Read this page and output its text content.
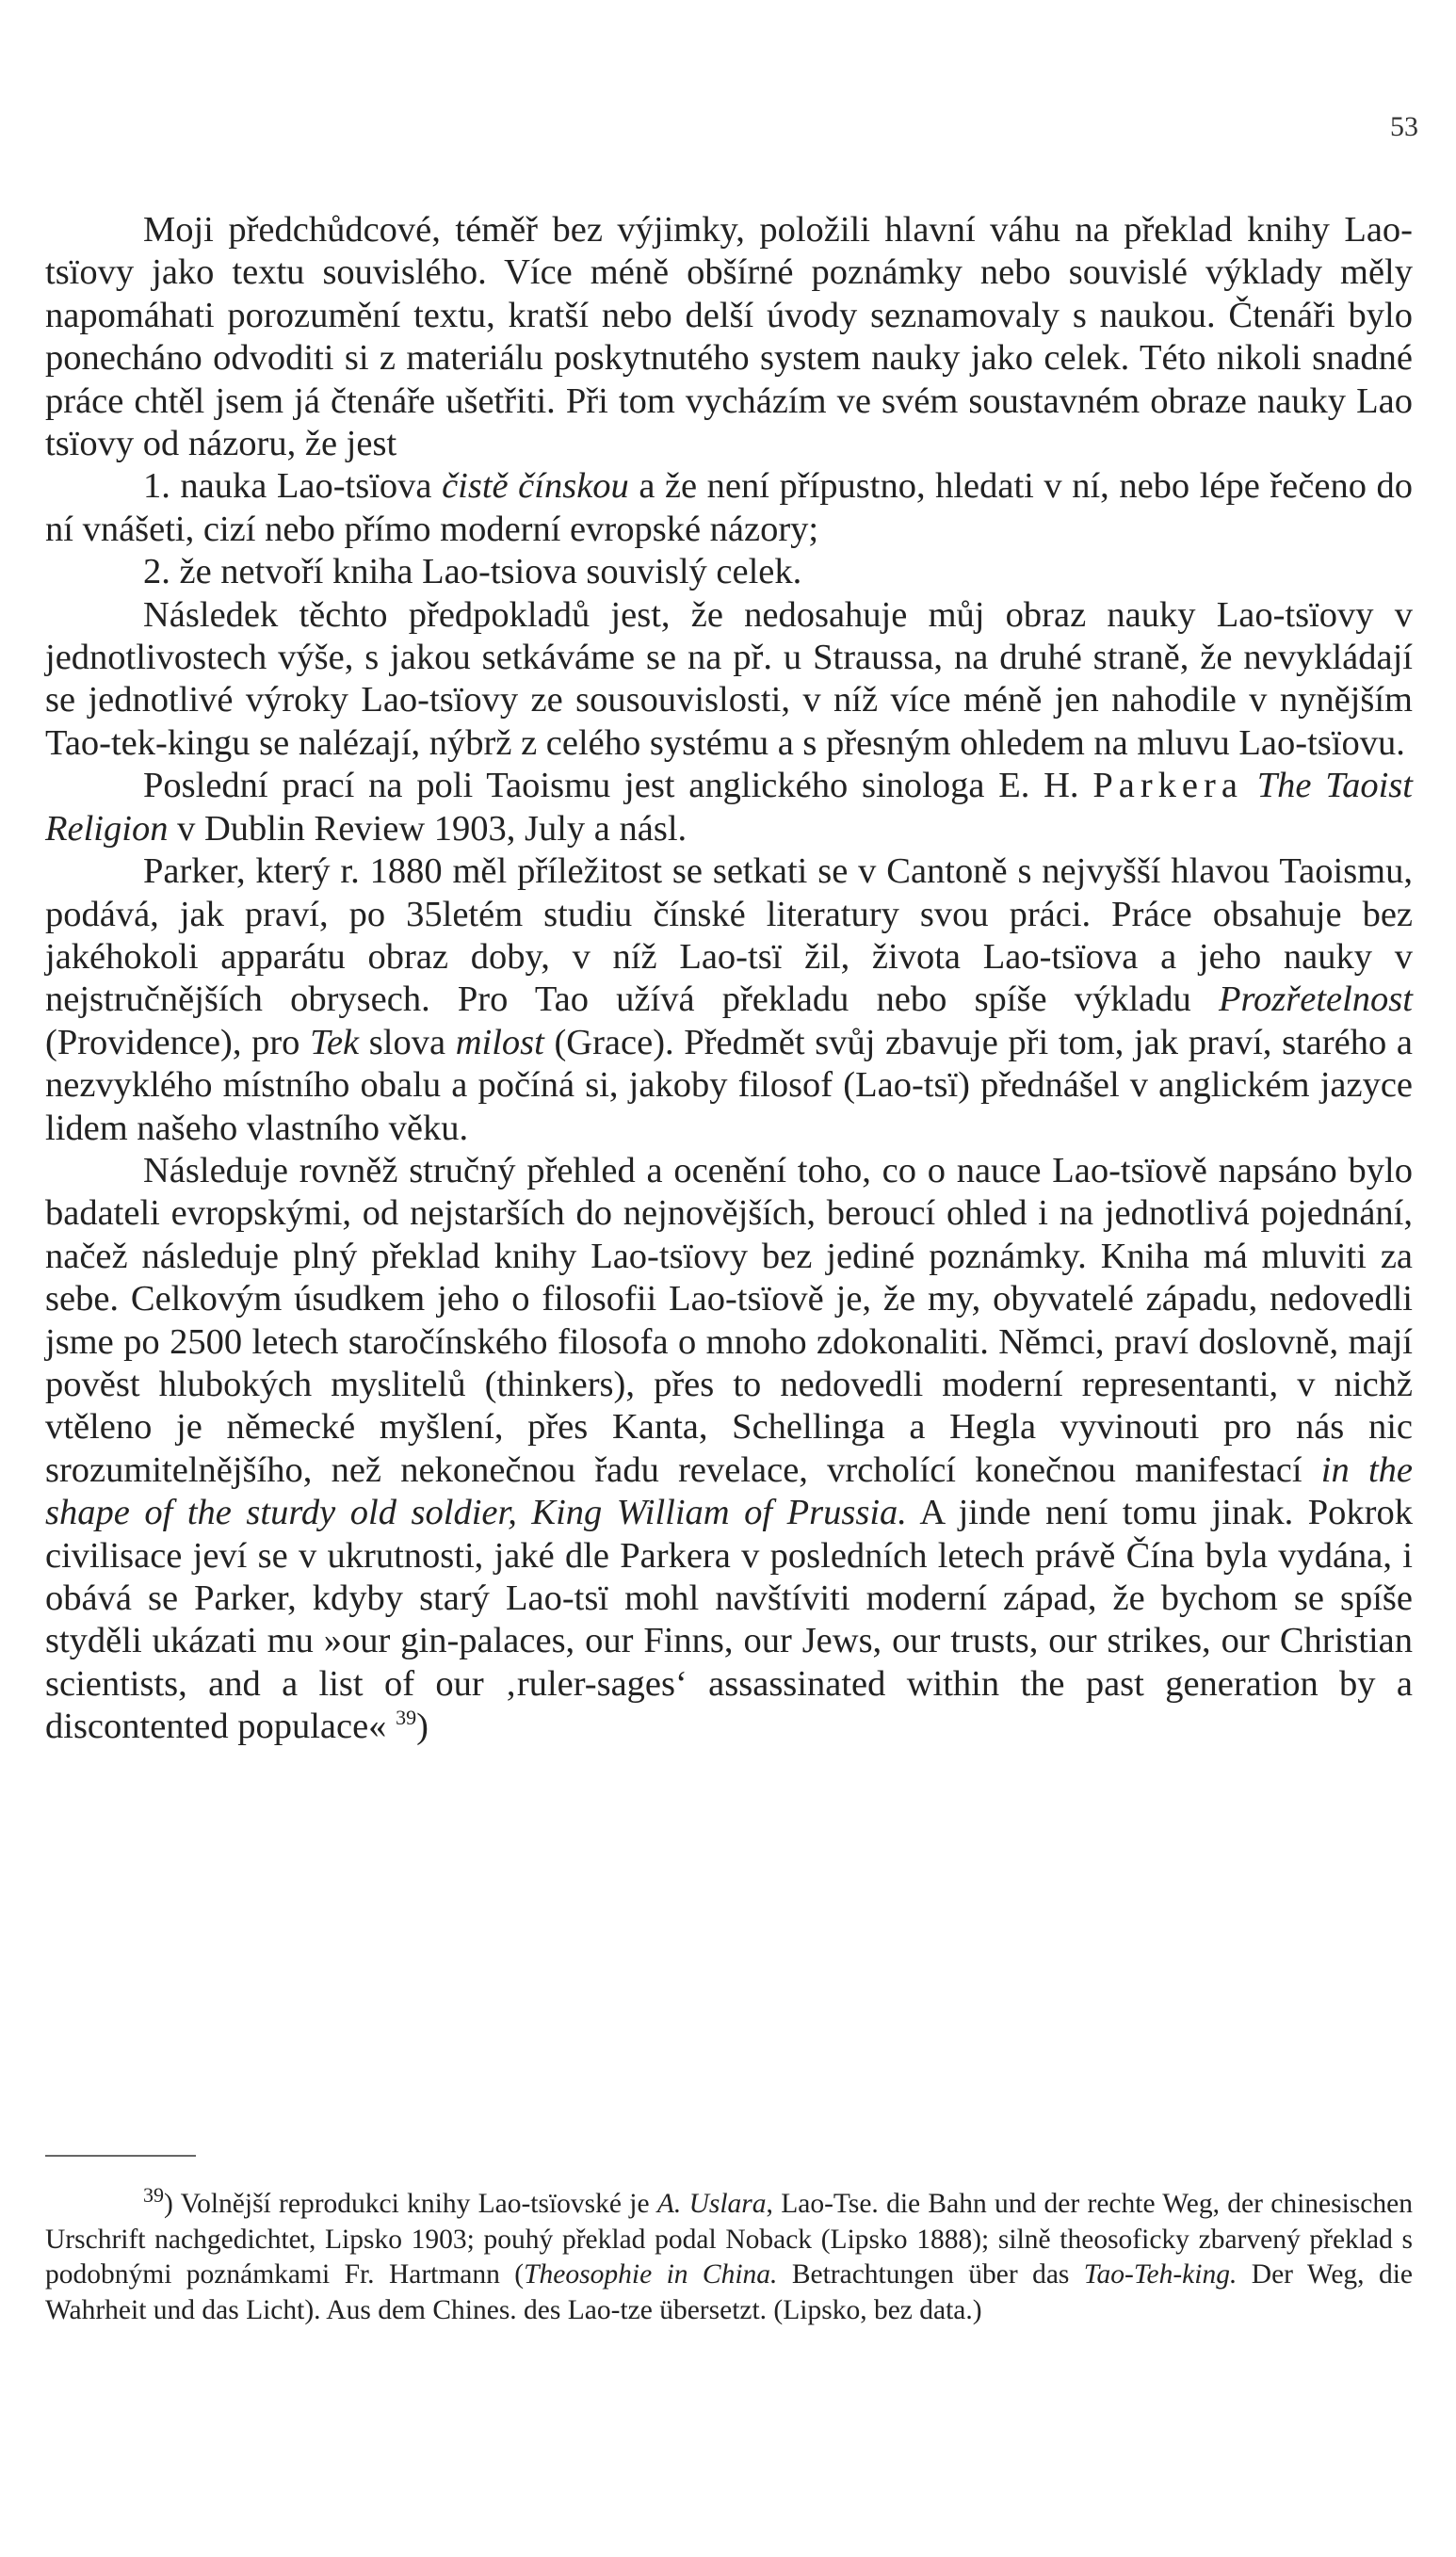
53

Moji předchůdcové, téměř bez výjimky, položili hlavní váhu na překlad knihy Lao-tsïovy jako textu souvislého. Více méně obšírné poznámky nebo souvislé výklady měly napomáhati porozumění textu, kratší nebo delší úvody seznamovaly s naukou. Čtenáři bylo ponecháno odvoditi si z materiálu poskytnutého system nauky jako celek. Této nikoli snadné práce chtěl jsem já čtenáře ušetřiti. Při tom vycházím ve svém soustavném obraze nauky Lao tsïovy od názoru, že jest

1. nauka Lao-tsïova čistě čínskou a že není přípustno, hledati v ní, nebo lépe řečeno do ní vnášeti, cizí nebo přímo moderní evropské názory;

2. že netvoří kniha Lao-tsiova souvislý celek.

Následek těchto předpokladů jest, že nedosahuje můj obraz nauky Lao-tsïovy v jednotlivostech výše, s jakou setkáváme se na př. u Straussa, na druhé straně, že nevykládají se jednotlivé výroky Lao-tsïovy ze sousouvislosti, v níž více méně jen nahodile v nynějším Tao-tek-kingu se nalézají, nýbrž z celého systému a s přesným ohledem na mluvu Lao-tsïovu.

Poslední prací na poli Taoismu jest anglického sinologa E. H. Parkera The Taoist Religion v Dublin Review 1903, July a násl.

Parker, který r. 1880 měl příležitost se setkati se v Cantoně s nejvyšší hlavou Taoismu, podává, jak praví, po 35letém studiu čínské literatury svou práci. Práce obsahuje bez jakéhokoli apparátu obraz doby, v níž Lao-tsï žil, života Lao-tsïova a jeho nauky v nejstručnějších obrysech. Pro Tao užívá překladu nebo spíše výkladu Prozřetelnost (Providence), pro Tek slova milost (Grace). Předmět svůj zbavuje při tom, jak praví, starého a nezvyklého místního obalu a počíná si, jakoby filosof (Lao-tsï) přednášel v anglickém jazyce lidem našeho vlastního věku.

Následuje rovněž stručný přehled a ocenění toho, co o nauce Lao-tsïově napsáno bylo badateli evropskými, od nejstarších do nejnovějších, beroucí ohled i na jednotlivá pojednání, načež následuje plný překlad knihy Lao-tsïovy bez jediné poznámky. Kniha má mluviti za sebe. Celkovým úsudkem jeho o filosofii Lao-tsïově je, že my, obyvatelé západu, nedovedli jsme po 2500 letech staročínského filosofa o mnoho zdokonaliti. Němci, praví doslovně, mají pověst hlubokých myslitelů (thinkers), přes to nedovedli moderní representanti, v nichž vtěleno je německé myšlení, přes Kanta, Schellinga a Hegla vyvinouti pro nás nic srozumitelnějšího, než nekonečnou řadu revelace, vrcholící konečnou manifestací in the shape of the sturdy old soldier, King William of Prussia. A jinde není tomu jinak. Pokrok civilisace jeví se v ukrutnosti, jaké dle Parkera v posledních letech právě Čína byla vydána, i obává se Parker, kdyby starý Lao-tsï mohl navštíviti moderní západ, že bychom se spíše styděli ukázati mu »our gin-palaces, our Finns, our Jews, our trusts, our strikes, our Christian scientists, and a list of our ‚ruler-sages‘ assassinated within the past generation by a discontented populace« $^{39}$)

$^{39}$) Volnější reprodukci knihy Lao-tsïovské je A. Uslara, Lao-Tse. die Bahn und der rechte Weg, der chinesischen Urschrift nachgedichtet, Lipsko 1903; pouhý překlad podal Noback (Lipsko 1888); silně theosoficky zbarvený překlad s podobnými poznámkami Fr. Hartmann (Theosophie in China. Betrachtungen über das Tao-Teh-king. Der Weg, die Wahrheit und das Licht). Aus dem Chines. des Lao-tze übersetzt. (Lipsko, bez data.)
